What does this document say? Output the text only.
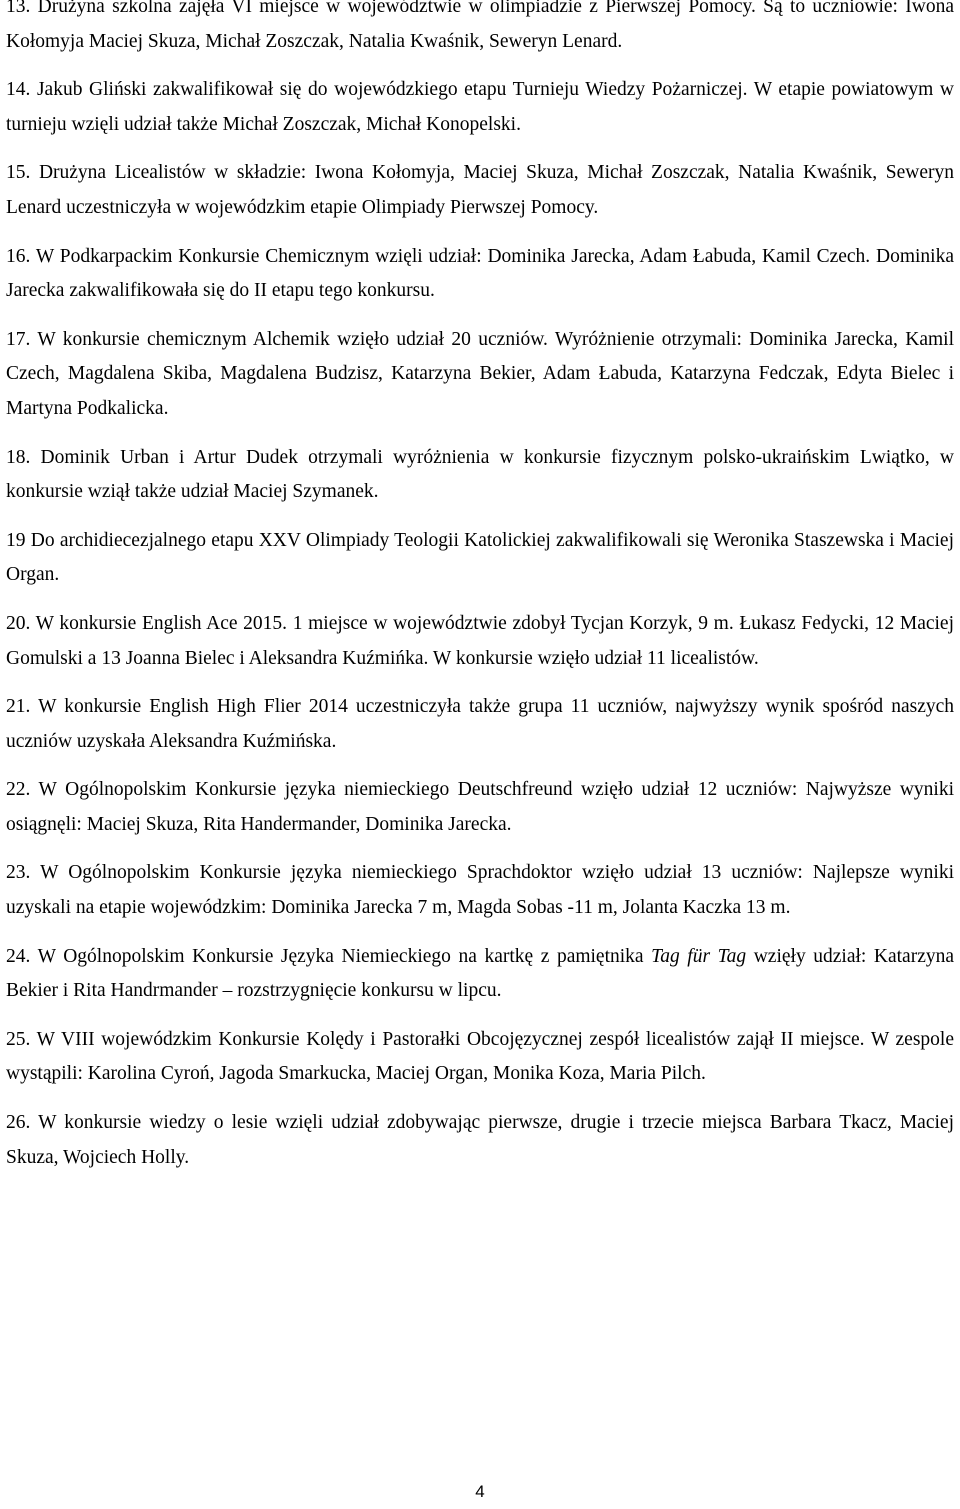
13. Drużyna szkolna zajęła VI miejsce w województwie w olimpiadzie z Pierwszej Pomocy. Są to uczniowie: Iwona Kołomyja Maciej Skuza, Michał Zoszczak, Natalia Kwaśnik, Seweryn Lenard.

14. Jakub Gliński zakwalifikował się do wojewódzkiego etapu Turnieju Wiedzy Pożarniczej. W etapie powiatowym w turnieju wzięli udział także Michał Zoszczak, Michał Konopelski.

15. Drużyna Licealistów w składzie: Iwona Kołomyja, Maciej Skuza, Michał Zoszczak, Natalia Kwaśnik, Seweryn Lenard uczestniczyła w wojewódzkim etapie Olimpiady Pierwszej Pomocy.

16. W Podkarpackim Konkursie Chemicznym wzięli udział: Dominika Jarecka, Adam Łabuda, Kamil Czech. Dominika Jarecka zakwalifikowała się do II etapu tego konkursu.

17. W konkursie chemicznym Alchemik wzięło udział 20 uczniów. Wyróżnienie otrzymali: Dominika Jarecka, Kamil Czech, Magdalena Skiba, Magdalena Budzisz, Katarzyna Bekier, Adam Łabuda, Katarzyna Fedczak, Edyta Bielec i Martyna Podkalicka.

18. Dominik Urban i Artur Dudek otrzymali wyróżnienia w konkursie fizycznym polsko-ukraińskim Lwiątko, w konkursie wziął także udział Maciej Szymanek.

19 Do archidiecezjalnego etapu XXV Olimpiady Teologii Katolickiej zakwalifikowali się Weronika Staszewska i Maciej Organ.

20. W konkursie English Ace 2015. 1 miejsce w województwie zdobył Tycjan Korzyk, 9 m. Łukasz Fedycki, 12 Maciej Gomulski a 13 Joanna Bielec i Aleksandra Kuźmińka. W konkursie wzięło udział 11 licealistów.

21. W konkursie English High Flier 2014 uczestniczyła także grupa 11 uczniów, najwyższy wynik spośród naszych uczniów uzyskała Aleksandra Kuźmińska.

22. W Ogólnopolskim Konkursie języka niemieckiego Deutschfreund wzięło udział 12 uczniów: Najwyższe wyniki osiągnęli: Maciej Skuza, Rita Handermander, Dominika Jarecka.

23. W Ogólnopolskim Konkursie języka niemieckiego Sprachdoktor wzięło udział 13 uczniów: Najlepsze wyniki uzyskali na etapie wojewódzkim: Dominika Jarecka 7 m, Magda Sobas -11 m, Jolanta Kaczka 13 m.

24. W Ogólnopolskim Konkursie Języka Niemieckiego na kartkę z pamiętnika Tag für Tag wzięły udział: Katarzyna Bekier i Rita Handrmander – rozstrzygnięcie konkursu w lipcu.

25. W VIII wojewódzkim Konkursie Kolędy i Pastorałki Obcojęzycznej zespół licealistów zajął II miejsce. W zespole wystąpili: Karolina Cyroń, Jagoda Smarkucka, Maciej Organ, Monika Koza, Maria Pilch.

26. W konkursie wiedzy o lesie wzięli udział zdobywając pierwsze, drugie i trzecie miejsca Barbara Tkacz, Maciej Skuza, Wojciech Holly.

4
